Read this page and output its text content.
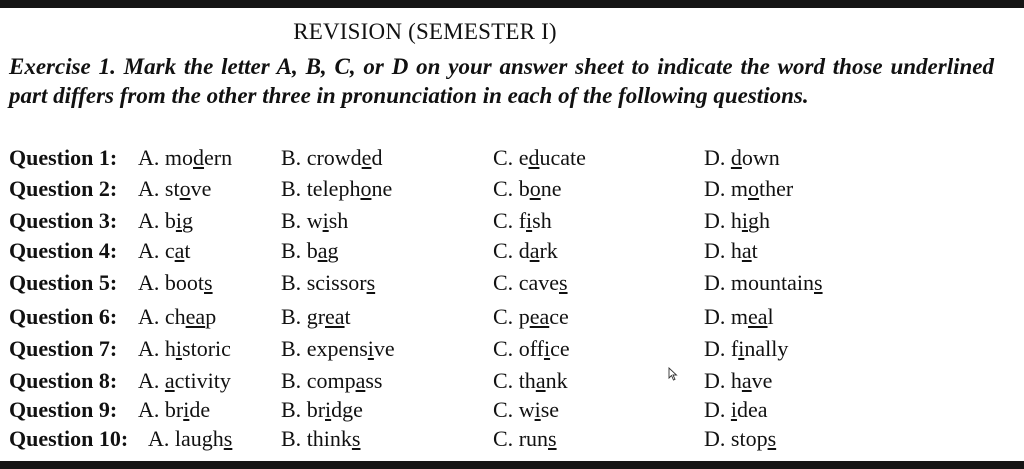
REVISION (SEMESTER I)
Exercise 1. Mark the letter A, B, C, or D on your answer sheet to indicate the word those underlined part differs from the other three in pronunciation in each of the following questions.
Question 1: A. modern B. crowded	C. educate	D. down
Question 2: A. stove	B. telephone	C. bone	D. mother
Question 3: A. big	B. wish	C. fish	D. high
Question 4: A. cat	B. bag	C. dark	D. hat
Question 5: A. boots	B. scissors	C. caves	D. mountains
Question 6: A. cheap	B. great	C. peace	D. meal
Question 7: A. historic B. expensive	C. office	D. finally
Question 8: A. activity B. compass	C. thank	D. have
Question 9: A. bride	B. bridge	C. wise	D. idea
Question 10: A. laughs B. thinks	C. runs	D. stops
